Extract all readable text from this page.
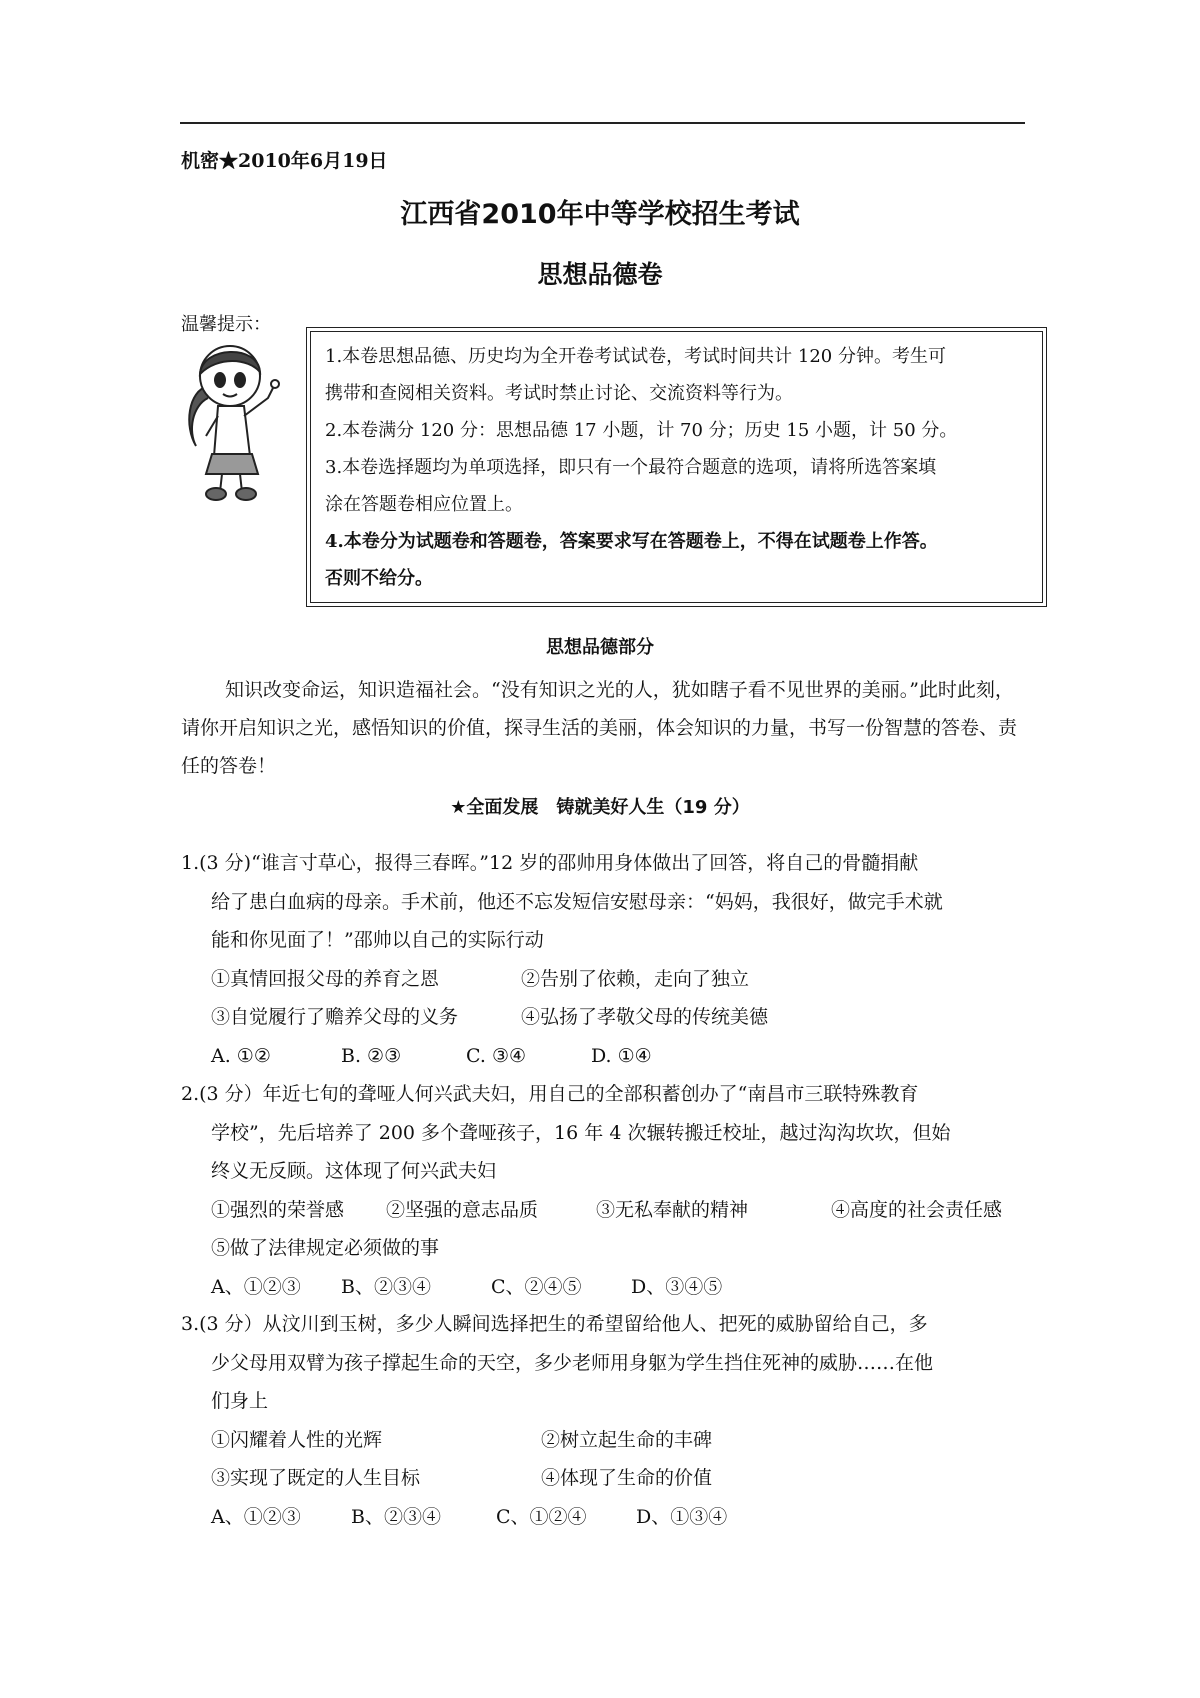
机密★2010年6月19日
江西省2010年中等学校招生考试
思想品德卷
温馨提示：
1.本卷思想品德、历史均为全开卷考试试卷，考试时间共计 120 分钟。考生可
携带和查阅相关资料。考试时禁止讨论、交流资料等行为。
2.本卷满分 120 分：思想品德 17 小题，计 70 分；历史 15 小题，计 50 分。
3.本卷选择题均为单项选择，即只有一个最符合题意的选项，请将所选答案填
涂在答题卷相应位置上。
4.本卷分为试题卷和答题卷，答案要求写在答题卷上，不得在试题卷上作答。
否则不给分。
思想品德部分
知识改变命运，知识造福社会。“没有知识之光的人，犹如瞎子看不见世界的美丽。”此时此刻，请你开启知识之光，感悟知识的价值，探寻生活的美丽，体会知识的力量，书写一份智慧的答卷、责任的答卷！
★全面发展　铸就美好人生（19 分）
1.(3 分)“谁言寸草心，报得三春晖。”12 岁的邵帅用身体做出了回答，将自己的骨髓捐献
给了患白血病的母亲。手术前，他还不忘发短信安慰母亲：“妈妈，我很好，做完手术就
能和你见面了！”邵帅以自己的实际行动
①真情回报父母的养育之恩	②告别了依赖，走向了独立
③自觉履行了赡养父母的义务	④弘扬了孝敬父母的传统美德
A. ①②	B. ②③	C. ③④	D. ①④
2.(3 分）年近七旬的聋哑人何兴武夫妇，用自己的全部积蓄创办了“南昌市三联特殊教育
学校”，先后培养了 200 多个聋哑孩子，16 年 4 次辗转搬迁校址，越过沟沟坎坎，但始
终义无反顾。这体现了何兴武夫妇
①强烈的荣誉感 ②坚强的意志品质	③无私奉献的精神	④高度的社会责任感
⑤做了法律规定必须做的事
A、①②③ B、②③④	C、②④⑤	D、③④⑤
3.(3 分）从汶川到玉树，多少人瞬间选择把生的希望留给他人、把死的威胁留给自己，多
少父母用双臂为孩子撑起生命的天空，多少老师用身躯为学生挡住死神的威胁……在他
们身上
①闪耀着人性的光辉	②树立起生命的丰碑
③实现了既定的人生目标	④体现了生命的价值
A、①②③	B、②③④	C、①②④	D、①③④
